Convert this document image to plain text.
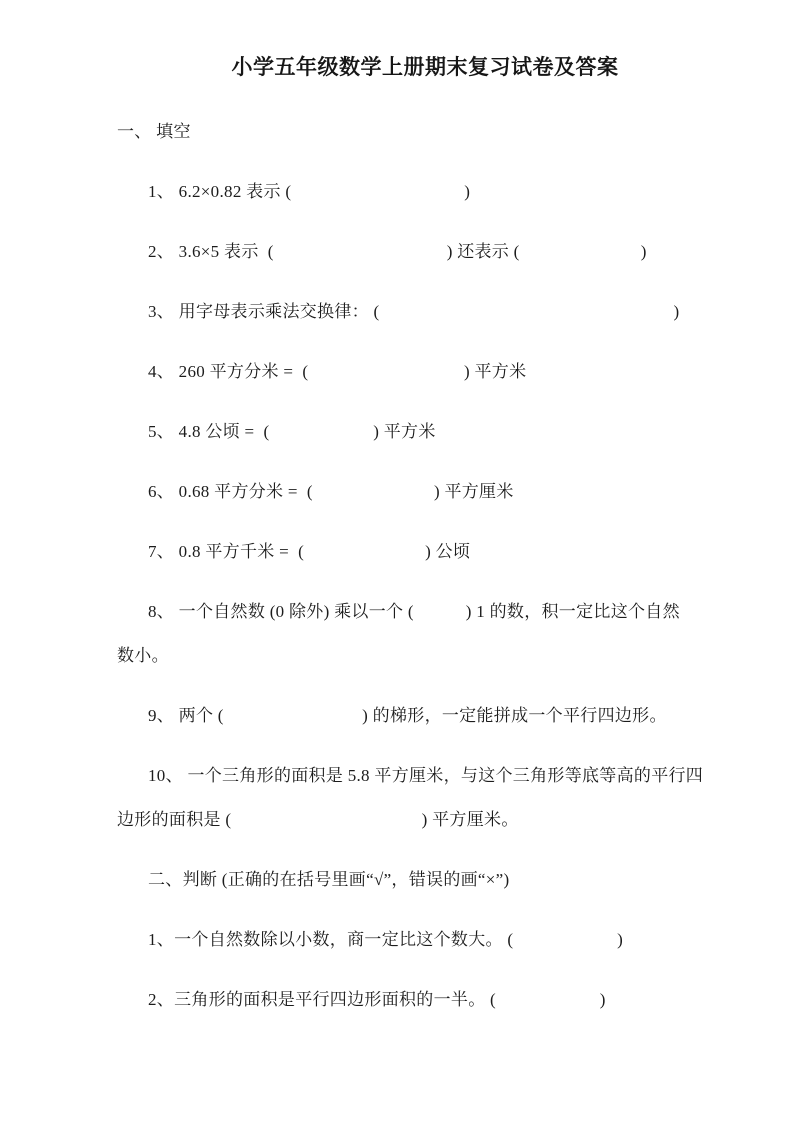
小学五年级数学上册期末复习试卷及答案
一、 填空
1、 6.2×0.82 表示 (　　　　　　　　　　)
2、 3.6×5 表示  (　　　　　　　　　　) 还表示 (　　　　　　　)
3、 用字母表示乘法交换律： (　　　　　　　　　　　　　　　　　)
4、 260 平方分米 =  (　　　　　　　　　) 平方米
5、 4.8 公顷 =  (　　　　　　) 平方米
6、 0.68 平方分米 =  (　　　　　　　) 平方厘米
7、 0.8 平方千米 =  (　　　　　　　) 公顷
8、 一个自然数 (0 除外) 乘以一个 (　　　) 1 的数，积一定比这个自然
数小。
9、 两个 (　　　　　　　　) 的梯形，一定能拼成一个平行四边形。
10、 一个三角形的面积是 5.8 平方厘米，与这个三角形等底等高的平行四
边形的面积是 (　　　　　　　　　　　) 平方厘米。
二、判断 (正确的在括号里画“√”，错误的画“×”)
1、一个自然数除以小数，商一定比这个数大。 (　　　　　　)
2、三角形的面积是平行四边形面积的一半。 (　　　　　　)
